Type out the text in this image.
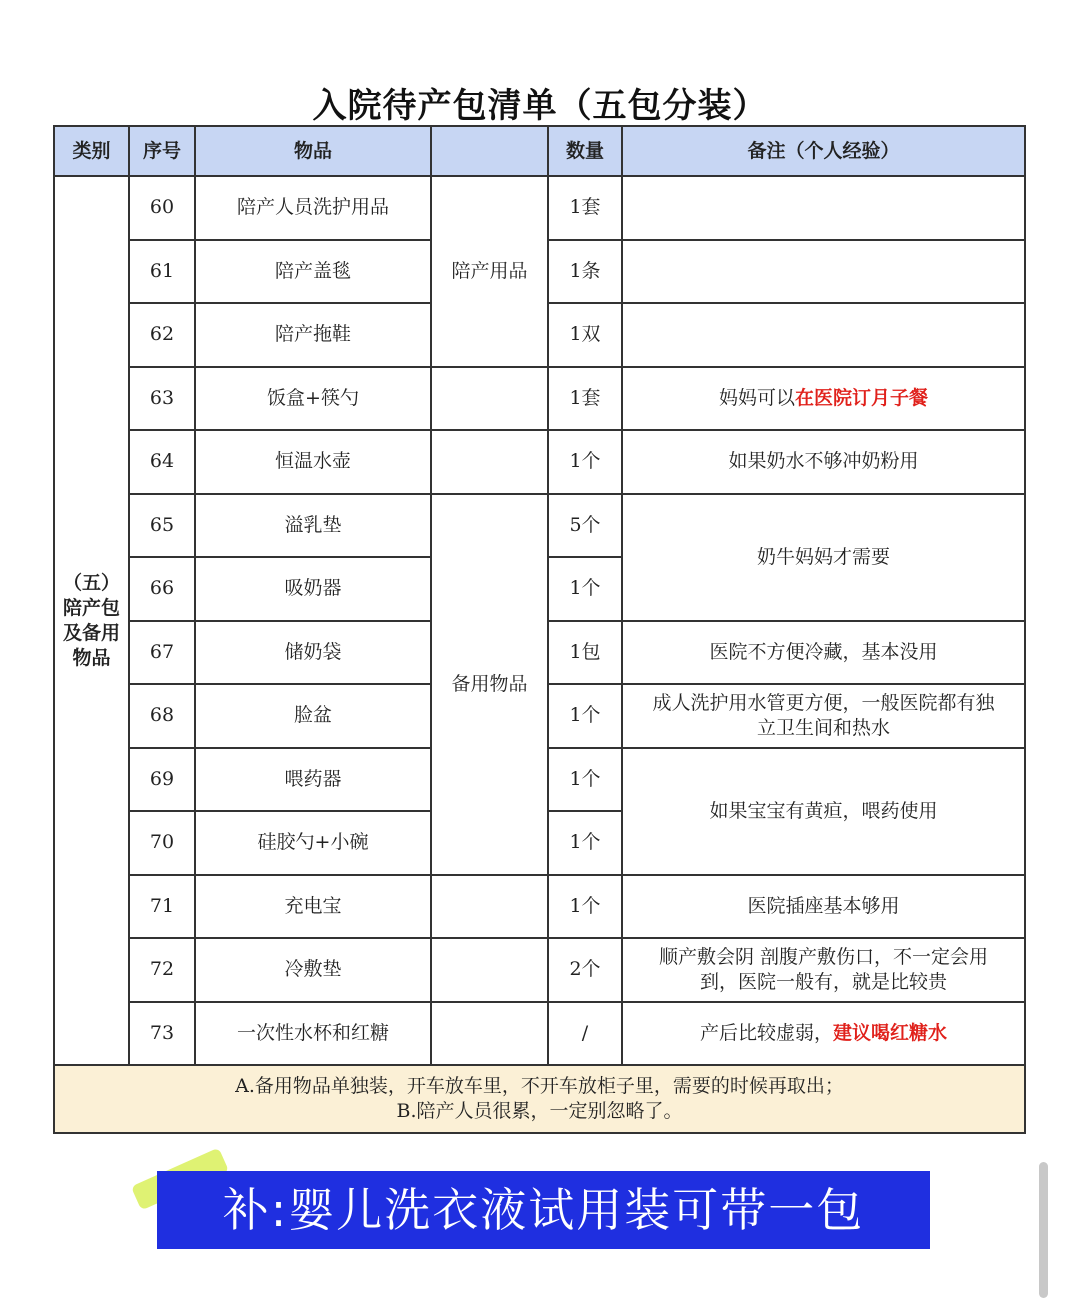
入院待产包清单（五包分装）
类别	序号	物品		数量	备注（个人经验）

（五）
陪产包
及备用
物品	60	陪产人员洗护用品	陪产用品	1套	
	61	陪产盖毯		1条	
	62	陪产拖鞋		1双	
	63	饭盒+筷勺		1套	妈妈可以在医院订月子餐
	64	恒温水壶		1个	如果奶水不够冲奶粉用
	65	溢乳垫	备用物品	5个	奶牛妈妈才需要
	66	吸奶器		1个	
	67	储奶袋		1包	医院不方便冷藏，基本没用
	68	脸盆		1个	成人洗护用水管更方便，一般医院都有独
立卫生间和热水

	69	喂药器		1个	如果宝宝有黄疸，喂药使用
	70	硅胶勺+小碗		1个	
	71	充电宝		1个	医院插座基本够用
	72	冷敷垫		2个	顺产敷会阴 剖腹产敷伤口，不一定会用
到，医院一般有，就是比较贵

	73	一次性水杯和红糖		/	产后比较虚弱，建议喝红糖水

A.备用物品单独装，开车放车里，不开车放柜子里，需要的时候再取出；
B.陪产人员很累，一定别忽略了。					
补:婴儿洗衣液试用装可带一包
